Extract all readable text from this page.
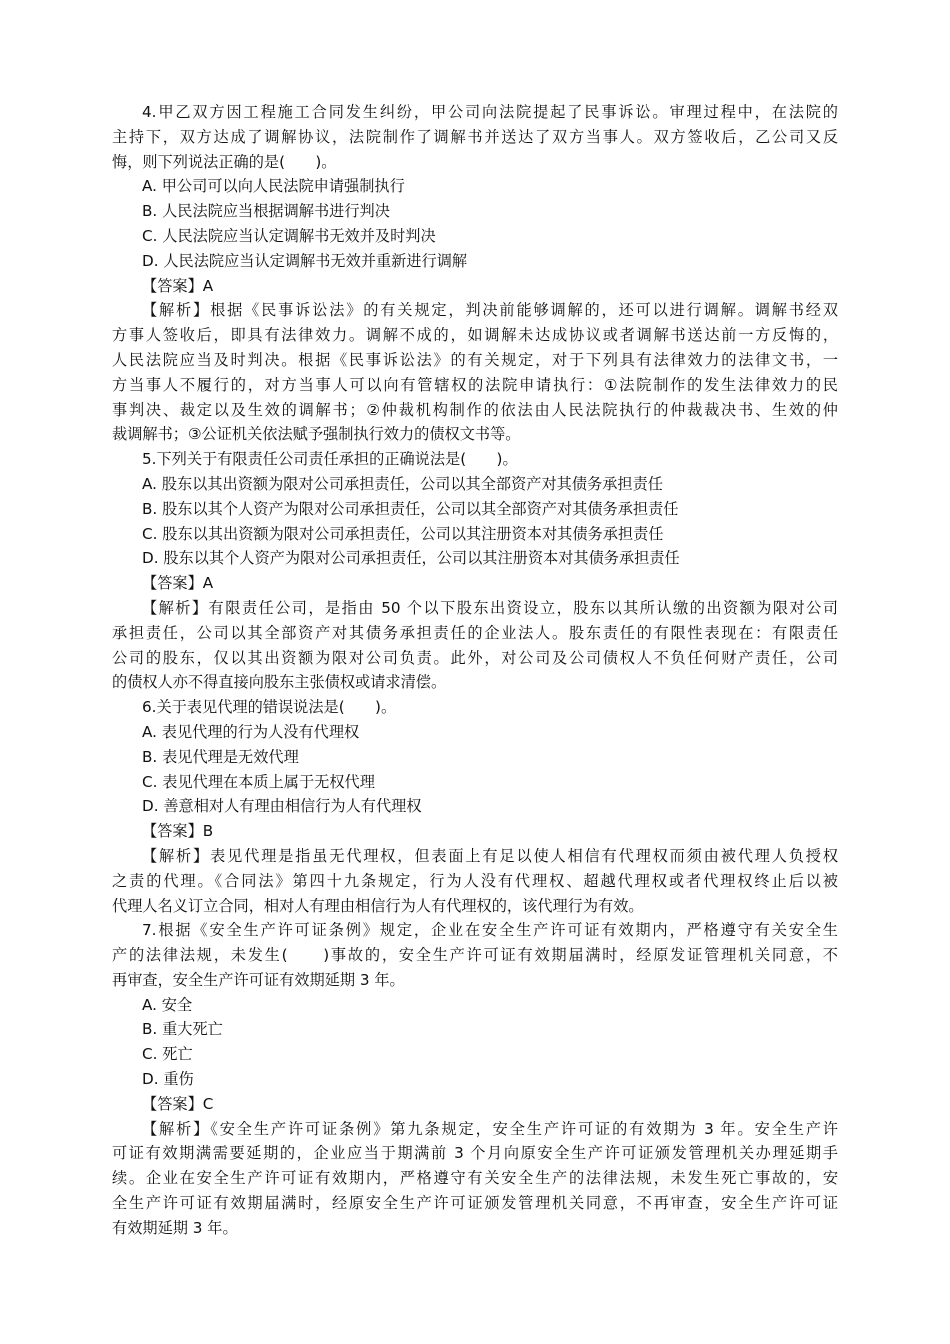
4.甲乙双方因工程施工合同发生纠纷，甲公司向法院提起了民事诉讼。审理过程中，在法院的
主持下，双方达成了调解协议，法院制作了调解书并送达了双方当事人。双方签收后，乙公司又反
悔，则下列说法正确的是(　　)。
A. 甲公司可以向人民法院申请强制执行
B. 人民法院应当根据调解书进行判决
C. 人民法院应当认定调解书无效并及时判决
D. 人民法院应当认定调解书无效并重新进行调解
【答案】A
【解析】根据《民事诉讼法》的有关规定，判决前能够调解的，还可以进行调解。调解书经双
方事人签收后，即具有法律效力。调解不成的，如调解未达成协议或者调解书送达前一方反悔的，
人民法院应当及时判决。根据《民事诉讼法》的有关规定，对于下列具有法律效力的法律文书，一
方当事人不履行的，对方当事人可以向有管辖权的法院申请执行：①法院制作的发生法律效力的民
事判决、裁定以及生效的调解书；②仲裁机构制作的依法由人民法院执行的仲裁裁决书、生效的仲
裁调解书；③公证机关依法赋予强制执行效力的债权文书等。
5.下列关于有限责任公司责任承担的正确说法是(　　)。
A. 股东以其出资额为限对公司承担责任，公司以其全部资产对其债务承担责任
B. 股东以其个人资产为限对公司承担责任，公司以其全部资产对其债务承担责任
C. 股东以其出资额为限对公司承担责任，公司以其注册资本对其债务承担责任
D. 股东以其个人资产为限对公司承担责任，公司以其注册资本对其债务承担责任
【答案】A
【解析】有限责任公司，是指由 50 个以下股东出资设立，股东以其所认缴的出资额为限对公司
承担责任，公司以其全部资产对其债务承担责任的企业法人。股东责任的有限性表现在：有限责任
公司的股东，仅以其出资额为限对公司负责。此外，对公司及公司债权人不负任何财产责任，公司
的债权人亦不得直接向股东主张债权或请求清偿。
6.关于表见代理的错误说法是(　　)。
A. 表见代理的行为人没有代理权
B. 表见代理是无效代理
C. 表见代理在本质上属于无权代理
D. 善意相对人有理由相信行为人有代理权
【答案】B
【解析】表见代理是指虽无代理权，但表面上有足以使人相信有代理权而须由被代理人负授权
之责的代理。《合同法》第四十九条规定，行为人没有代理权、超越代理权或者代理权终止后以被
代理人名义订立合同，相对人有理由相信行为人有代理权的，该代理行为有效。
7.根据《安全生产许可证条例》规定，企业在安全生产许可证有效期内，严格遵守有关安全生
产的法律法规，未发生(　　)事故的，安全生产许可证有效期届满时，经原发证管理机关同意，不
再审查，安全生产许可证有效期延期 3 年。
A. 安全
B. 重大死亡
C. 死亡
D. 重伤
【答案】C
【解析】《安全生产许可证条例》第九条规定，安全生产许可证的有效期为 3 年。安全生产许
可证有效期满需要延期的，企业应当于期满前 3 个月向原安全生产许可证颁发管理机关办理延期手
续。企业在安全生产许可证有效期内，严格遵守有关安全生产的法律法规，未发生死亡事故的，安
全生产许可证有效期届满时，经原安全生产许可证颁发管理机关同意，不再审查，安全生产许可证
有效期延期 3 年。
